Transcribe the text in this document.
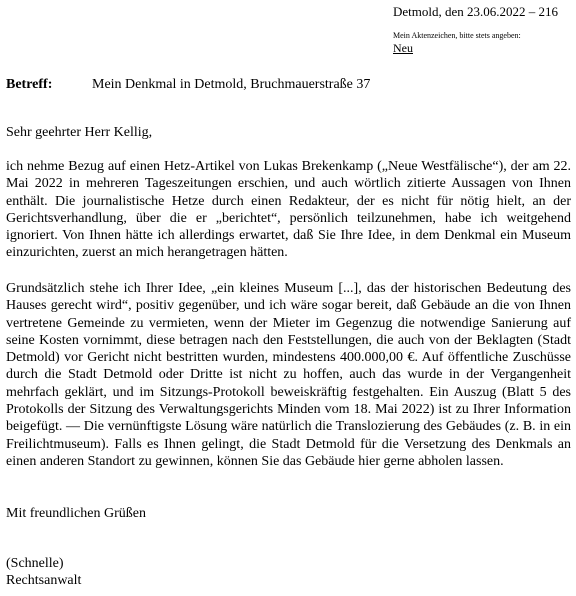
Detmold, den 23.06.2022 – 216
Mein Aktenzeichen, bitte stets angeben:
Neu
Betreff:	Mein Denkmal in Detmold, Bruchmauerstraße 37
Sehr geehrter Herr Kellig,

ich nehme Bezug auf einen Hetz-Artikel von Lukas Brekenkamp („Neue Westfälische“), der am 22. Mai 2022 in mehreren Tageszeitungen erschien, und auch wörtlich zitierte Aussagen von Ihnen enthält. Die journalistische Hetze durch einen Redakteur, der es nicht für nötig hielt, an der Gerichtsverhandlung, über die er „berichtet“, persönlich teilzunehmen, habe ich weitgehend ignoriert. Von Ihnen hätte ich allerdings erwartet, daß Sie Ihre Idee, in dem Denkmal ein Museum einzurichten, zuerst an mich herangetragen hätten.

Grundsätzlich stehe ich Ihrer Idee, „ein kleines Museum [...], das der historischen Bedeutung des Hauses gerecht wird“, positiv gegenüber, und ich wäre sogar bereit, daß Gebäude an die von Ihnen vertretene Gemeinde zu vermieten, wenn der Mieter im Gegenzug die notwendige Sanierung auf seine Kosten vornimmt, diese betragen nach den Feststellungen, die auch von der Beklagten (Stadt Detmold) vor Gericht nicht bestritten wurden, mindestens 400.000,00 €. Auf öffentliche Zuschüsse durch die Stadt Detmold oder Dritte ist nicht zu hoffen, auch das wurde in der Vergangenheit mehrfach geklärt, und im Sitzungs-Protokoll beweiskräftig festgehalten. Ein Auszug (Blatt 5 des Protokolls der Sitzung des Verwaltungsgerichts Minden vom 18. Mai 2022) ist zu Ihrer Information beigefügt. — Die vernünftigste Lösung wäre natürlich die Translozierung des Gebäudes (z. B. in ein Freilichtmuseum). Falls es Ihnen gelingt, die Stadt Detmold für die Versetzung des Denkmals an einen anderen Standort zu gewinnen, können Sie das Gebäude hier gerne abholen lassen.

Mit freundlichen Grüßen
(Schnelle)
Rechtsanwalt
